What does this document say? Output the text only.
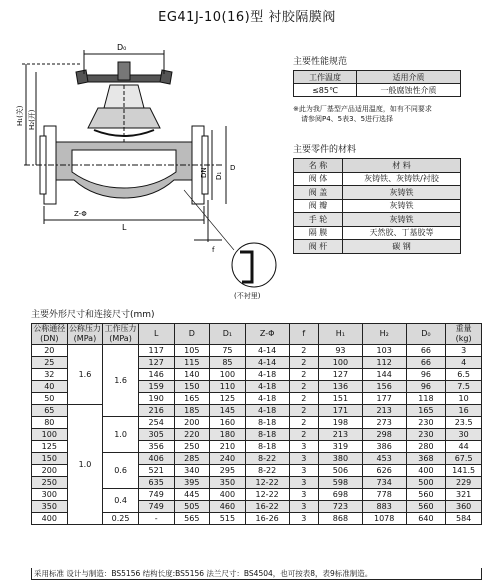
EG41J-10(16)型 衬胶隔膜阀
D₀
H₁(关) H₂(开)
DN D₁
D
Z-Φ
L
f
(不衬里)
主要性能规范
工作温度	适用介质
≤85℃	一般腐蚀性介质
※此为我厂基型产品适用温度，如有不同要求
请参阅P4、5表3、5进行选择
主要零件的材料
名 称	材 料
阀 体	灰铸铁、灰铸铁/衬胶
阀 盖	灰铸铁
阀 瓣	灰铸铁
手 轮	灰铸铁
隔 膜	天然胶、丁基胶等
阀 杆	碳 钢
主要外形尺寸和连接尺寸(mm)
公称通径
(DN)	公称压力
(MPa)	工作压力
(MPa)	L	D	D₁	Z-Φ	f	H₁	H₂	D₀	重量
(kg)
20	1.6	1.6	117	105	75	4-14	2	93	103	66	3
25			127	115	85	4-14	2	100	112	66	4
32			146	140	100	4-18	2	127	144	96	6.5
40			159	150	110	4-18	2	136	156	96	7.5
50			190	165	125	4-18	2	151	177	118	10
65	1.0		216	185	145	4-18	2	171	213	165	16
80		1.0	254	200	160	8-18	2	198	273	230	23.5
100			305	220	180	8-18	2	213	298	230	30
125			356	250	210	8-18	3	319	386	280	44
150		0.6	406	285	240	8-22	3	380	453	368	67.5
200			521	340	295	8-22	3	506	626	400	141.5
250			635	395	350	12-22	3	598	734	500	229
300		0.4	749	445	400	12-22	3	698	778	560	321
350			749	505	460	16-22	3	723	883	560	360
400		0.25	-	565	515	16-26	3	868	1078	640	584
采用标准 设计与制造：BS5156 结构长度:BS5156 法兰尺寸：BS4504，也可按表8，表9标准制造。
